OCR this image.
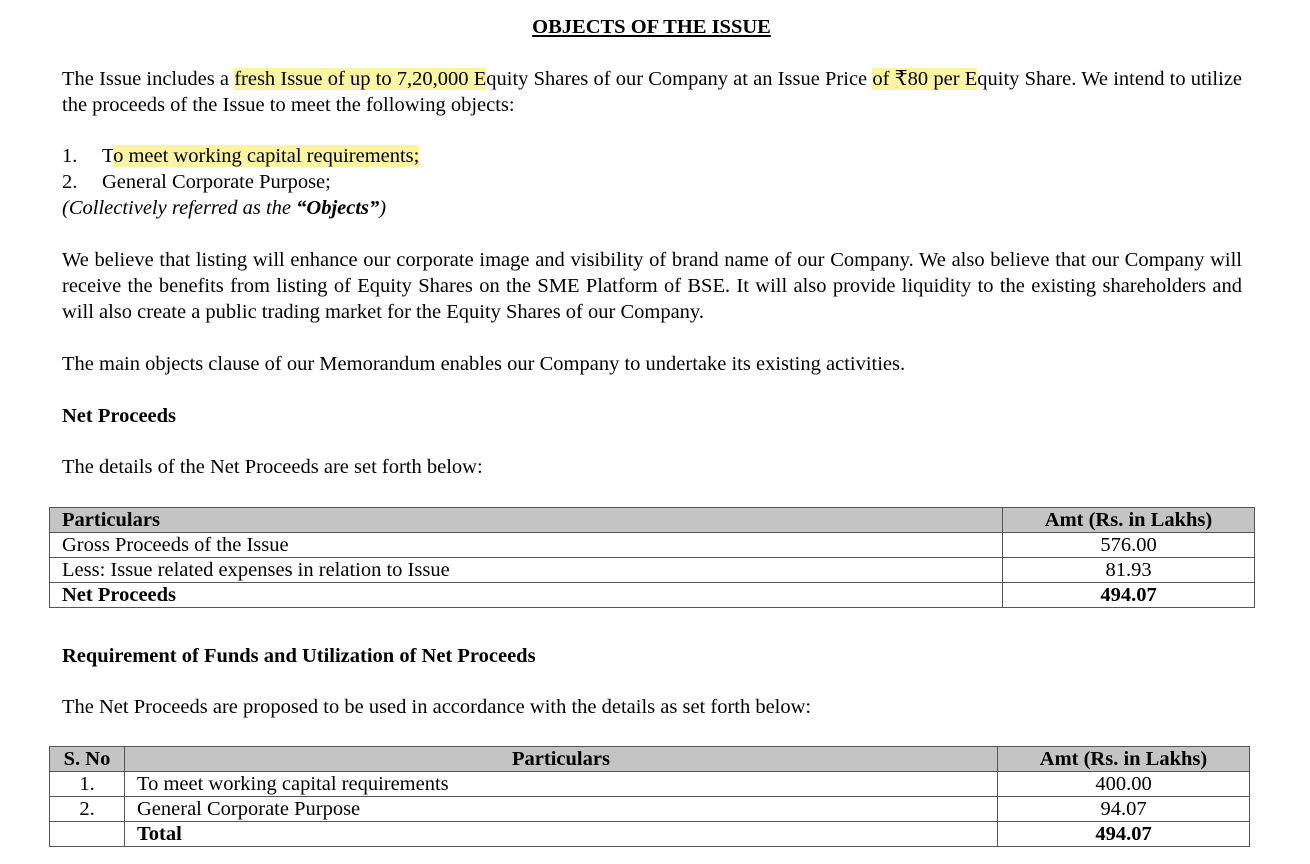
OBJECTS OF THE ISSUE

The Issue includes a fresh Issue of up to 7,20,000 Equity Shares of our Company at an Issue Price of ₹80 per Equity Share. We intend to utilize the proceeds of the Issue to meet the following objects:

1. To meet working capital requirements;
2. General Corporate Purpose;
(Collectively referred as the “Objects”)

We believe that listing will enhance our corporate image and visibility of brand name of our Company. We also believe that our Company will receive the benefits from listing of Equity Shares on the SME Platform of BSE. It will also provide liquidity to the existing shareholders and will also create a public trading market for the Equity Shares of our Company.

The main objects clause of our Memorandum enables our Company to undertake its existing activities.

Net Proceeds

The details of the Net Proceeds are set forth below:

Particulars	Amt (Rs. in Lakhs)
Gross Proceeds of the Issue	576.00
Less: Issue related expenses in relation to Issue	81.93
Net Proceeds	494.07
Requirement of Funds and Utilization of Net Proceeds

The Net Proceeds are proposed to be used in accordance with the details as set forth below:

S. No	Particulars	Amt (Rs. in Lakhs)
1.	To meet working capital requirements	400.00
2.	General Corporate Purpose	94.07
	Total	494.07
